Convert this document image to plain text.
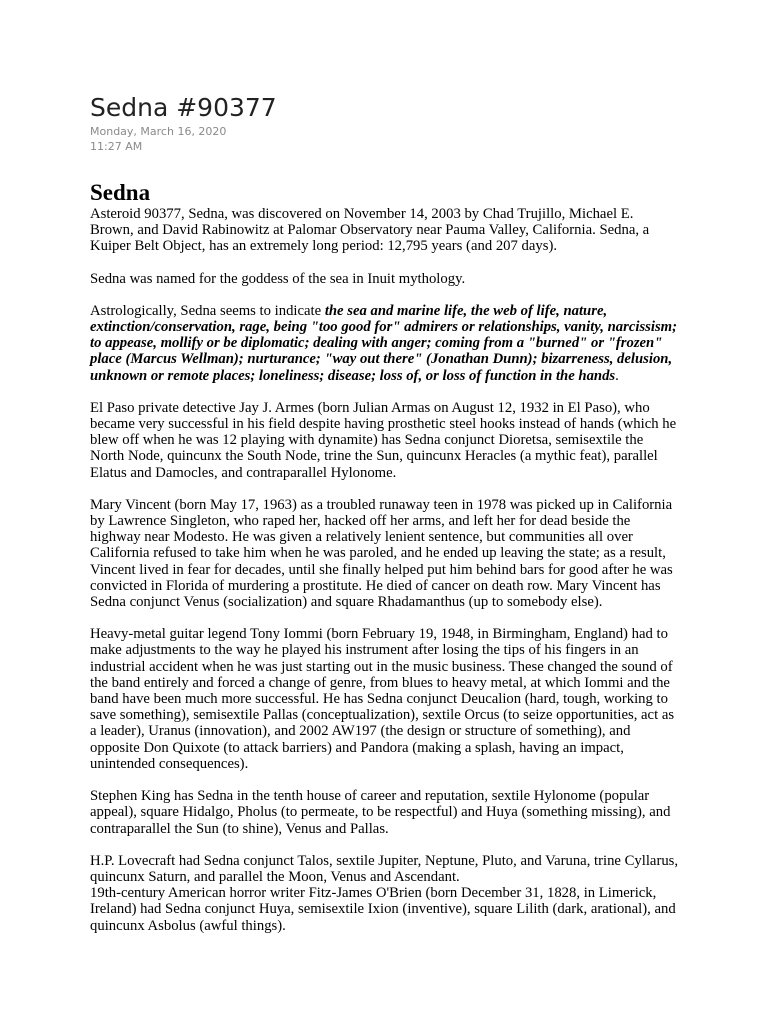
Sedna #90377
Monday, March 16, 2020
11:27 AM
Sedna

Asteroid 90377, Sedna, was discovered on November 14, 2003 by Chad Trujillo, Michael E. Brown, and David Rabinowitz at Palomar Observatory near Pauma Valley, California. Sedna, a Kuiper Belt Object, has an extremely long period: 12,795 years (and 207 days).

Sedna was named for the goddess of the sea in Inuit mythology.

Astrologically, Sedna seems to indicate the sea and marine life, the web of life, nature, extinction/conservation, rage, being "too good for" admirers or relationships, vanity, narcissism; to appease, mollify or be diplomatic; dealing with anger; coming from a "burned" or "frozen" place (Marcus Wellman); nurturance; "way out there" (Jonathan Dunn); bizarreness, delusion, unknown or remote places; loneliness; disease; loss of, or loss of function in the hands.

El Paso private detective Jay J. Armes (born Julian Armas on August 12, 1932 in El Paso), who became very successful in his field despite having prosthetic steel hooks instead of hands (which he blew off when he was 12 playing with dynamite) has Sedna conjunct Dioretsa, semisextile the North Node, quincunx the South Node, trine the Sun, quincunx Heracles (a mythic feat), parallel Elatus and Damocles, and contraparallel Hylonome.

Mary Vincent (born May 17, 1963) as a troubled runaway teen in 1978 was picked up in California by Lawrence Singleton, who raped her, hacked off her arms, and left her for dead beside the highway near Modesto. He was given a relatively lenient sentence, but communities all over California refused to take him when he was paroled, and he ended up leaving the state; as a result, Vincent lived in fear for decades, until she finally helped put him behind bars for good after he was convicted in Florida of murdering a prostitute. He died of cancer on death row. Mary Vincent has Sedna conjunct Venus (socialization) and square Rhadamanthus (up to somebody else).

Heavy-metal guitar legend Tony Iommi (born February 19, 1948, in Birmingham, England) had to make adjustments to the way he played his instrument after losing the tips of his fingers in an industrial accident when he was just starting out in the music business. These changed the sound of the band entirely and forced a change of genre, from blues to heavy metal, at which Iommi and the band have been much more successful. He has Sedna conjunct Deucalion (hard, tough, working to save something), semisextile Pallas (conceptualization), sextile Orcus (to seize opportunities, act as a leader), Uranus (innovation), and 2002 AW197 (the design or structure of something), and opposite Don Quixote (to attack barriers) and Pandora (making a splash, having an impact, unintended consequences).

Stephen King has Sedna in the tenth house of career and reputation, sextile Hylonome (popular appeal), square Hidalgo, Pholus (to permeate, to be respectful) and Huya (something missing), and contraparallel the Sun (to shine), Venus and Pallas.

H.P. Lovecraft had Sedna conjunct Talos, sextile Jupiter, Neptune, Pluto, and Varuna, trine Cyllarus, quincunx Saturn, and parallel the Moon, Venus and Ascendant.

19th-century American horror writer Fitz-James O'Brien (born December 31, 1828, in Limerick, Ireland) had Sedna conjunct Huya, semisextile Ixion (inventive), square Lilith (dark, arational), and quincunx Asbolus (awful things).
